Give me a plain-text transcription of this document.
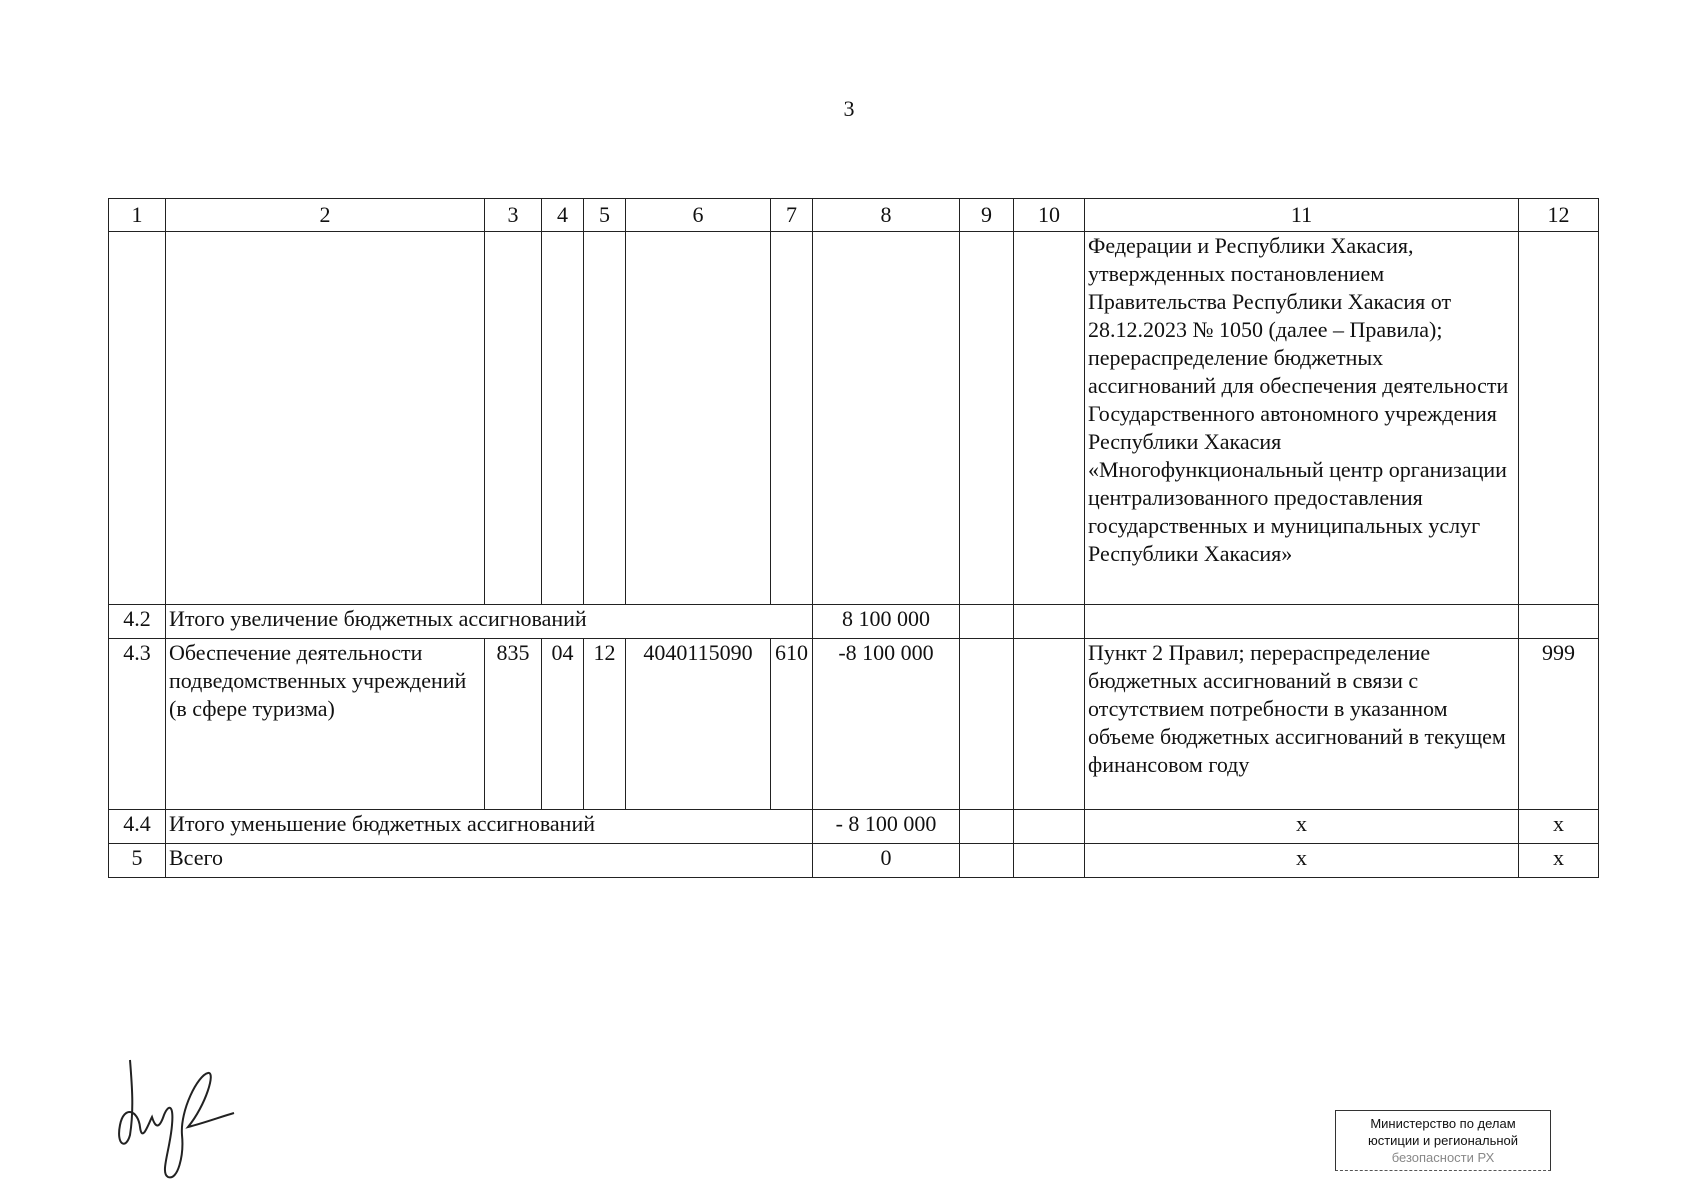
3
1	2	3	4	5	6	7	8	9	10	11	12
										Федерации и Республики Хакасия, утвержденных постановлением Правительства Республики Хакасия от 28.12.2023 № 1050 (далее – Правила); перераспределение бюджетных ассигнований для обеспечения деятельности Государственного автономного учреждения Республики Хакасия «Многофункциональный центр организации централизованного предоставления государственных и муниципальных услуг Республики Хакасия»	
4.2	Итого увеличение бюджетных ассигнований						8 100 000				
4.3	Обеспечение деятельности подведомственных учреждений (в сфере туризма)	835	04	12	4040115090	610	-8 100 000			Пункт 2 Правил; перераспределение бюджетных ассигнований в связи с отсутствием потребности в указанном объеме бюджетных ассигнований в текущем финансовом году	999
4.4	Итого уменьшение бюджетных ассигнований						- 8 100 000			x	x
5	Всего						0			x	x
Министерство по делам
юстиции и региональной
безопасности РХ
